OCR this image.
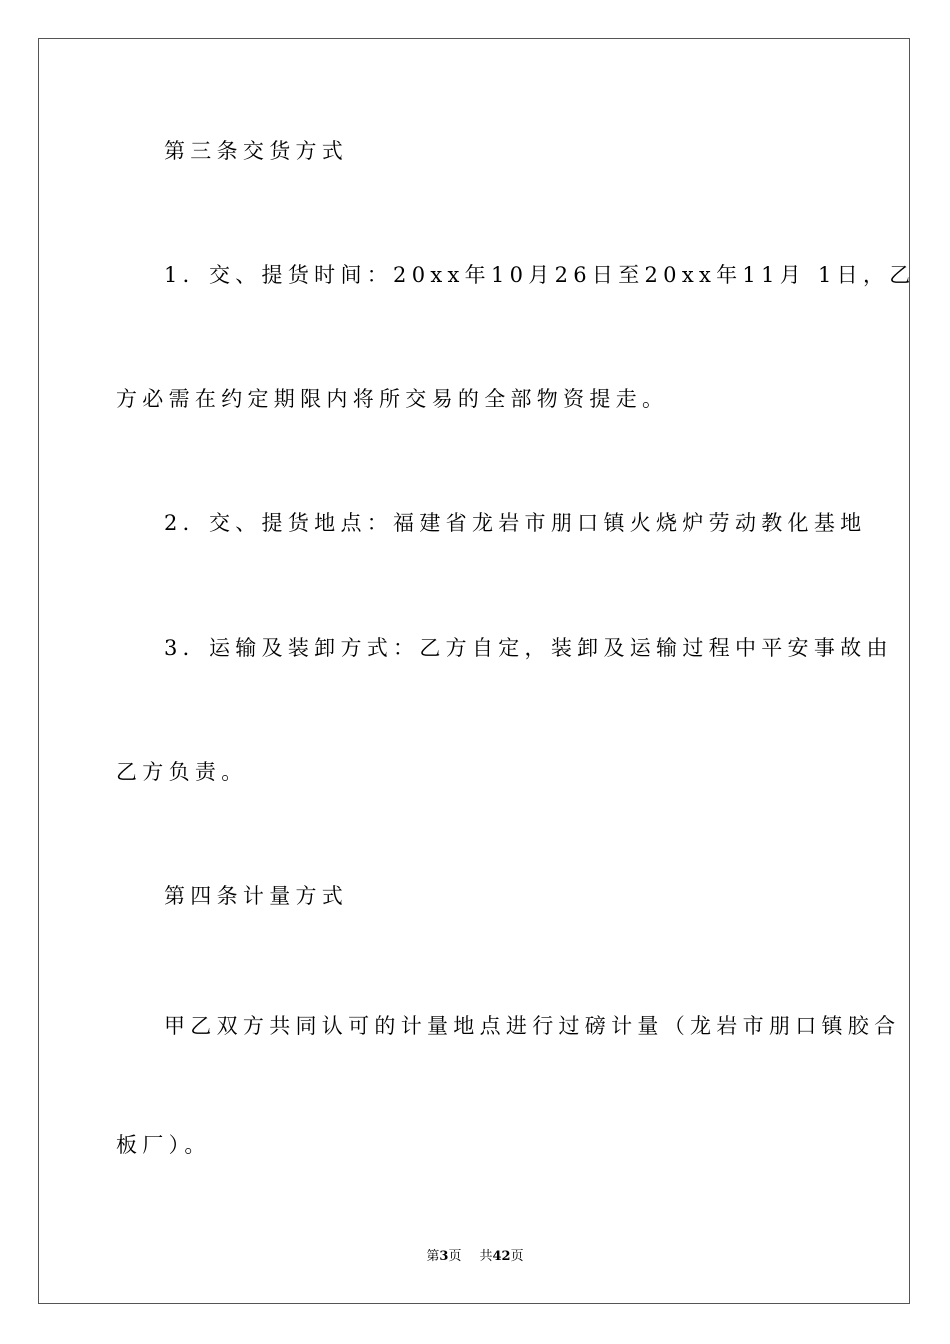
第三条交货方式
1．交、提货时间：20xx年10月26日至20xx年11月 1日，乙
方必需在约定期限内将所交易的全部物资提走。
2．交、提货地点：福建省龙岩市朋口镇火烧炉劳动教化基地
3．运输及装卸方式：乙方自定，装卸及运输过程中平安事故由
乙方负责。
第四条计量方式
甲乙双方共同认可的计量地点进行过磅计量（龙岩市朋口镇胶合
板厂）。
第3页 共42页
